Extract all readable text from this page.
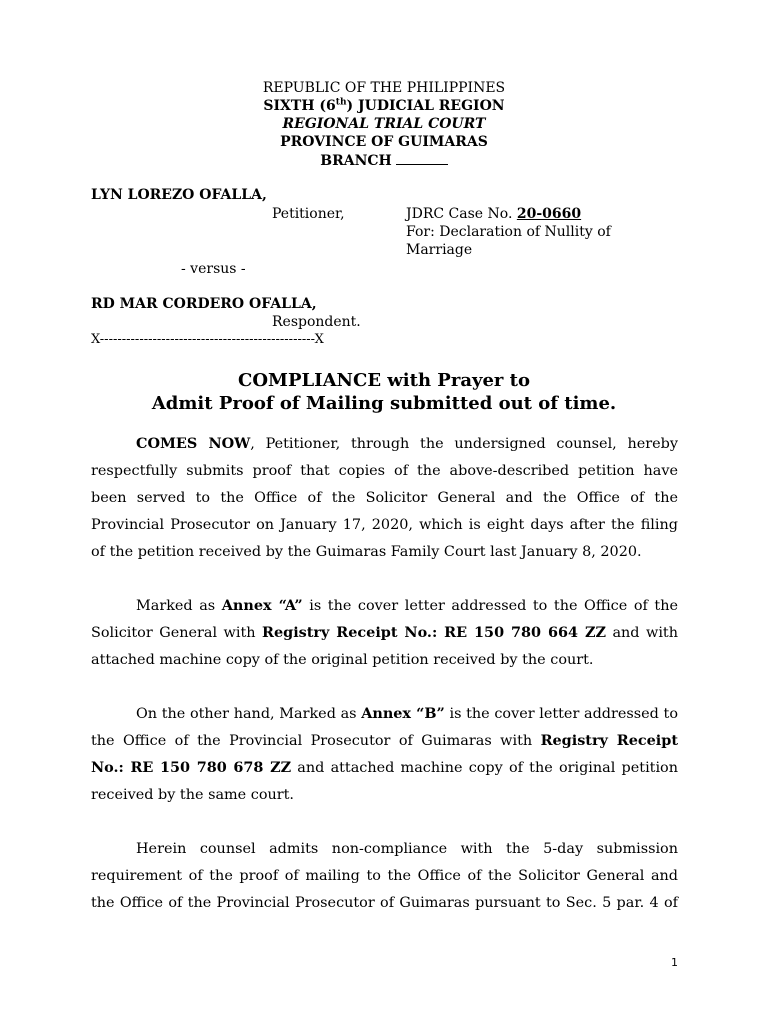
REPUBLIC OF THE PHILIPPINES
SIXTH (6th) JUDICIAL REGION
REGIONAL TRIAL COURT
PROVINCE OF GUIMARAS
BRANCH
LYN LOREZO OFALLA,
Petitioner,	JDRC Case No. 20-0660
For: Declaration of Nullity of
Marriage
- versus -
RD MAR CORDERO OFALLA,
Respondent.
X-------------------------------------------------X
COMPLIANCE with Prayer to
Admit Proof of Mailing submitted out of time.
COMES NOW, Petitioner, through the undersigned counsel, hereby
respectfully submits proof that copies of the above-described petition have
been served to the Office of the Solicitor General and the Office of the
Provincial Prosecutor on January 17, 2020, which is eight days after the filing
of the petition received by the Guimaras Family Court last January 8, 2020.
Marked as Annex “A” is the cover letter addressed to the Office of the
Solicitor General with Registry Receipt No.: RE 150 780 664 ZZ and with
attached machine copy of the original petition received by the court.
On the other hand, Marked as Annex “B” is the cover letter addressed to
the Office of the Provincial Prosecutor of Guimaras with Registry Receipt
No.: RE 150 780 678 ZZ and attached machine copy of the original petition
received by the same court.
Herein counsel admits non-compliance with the 5-day submission
requirement of the proof of mailing to the Office of the Solicitor General and
the Office of the Provincial Prosecutor of Guimaras pursuant to Sec. 5 par. 4 of
1
